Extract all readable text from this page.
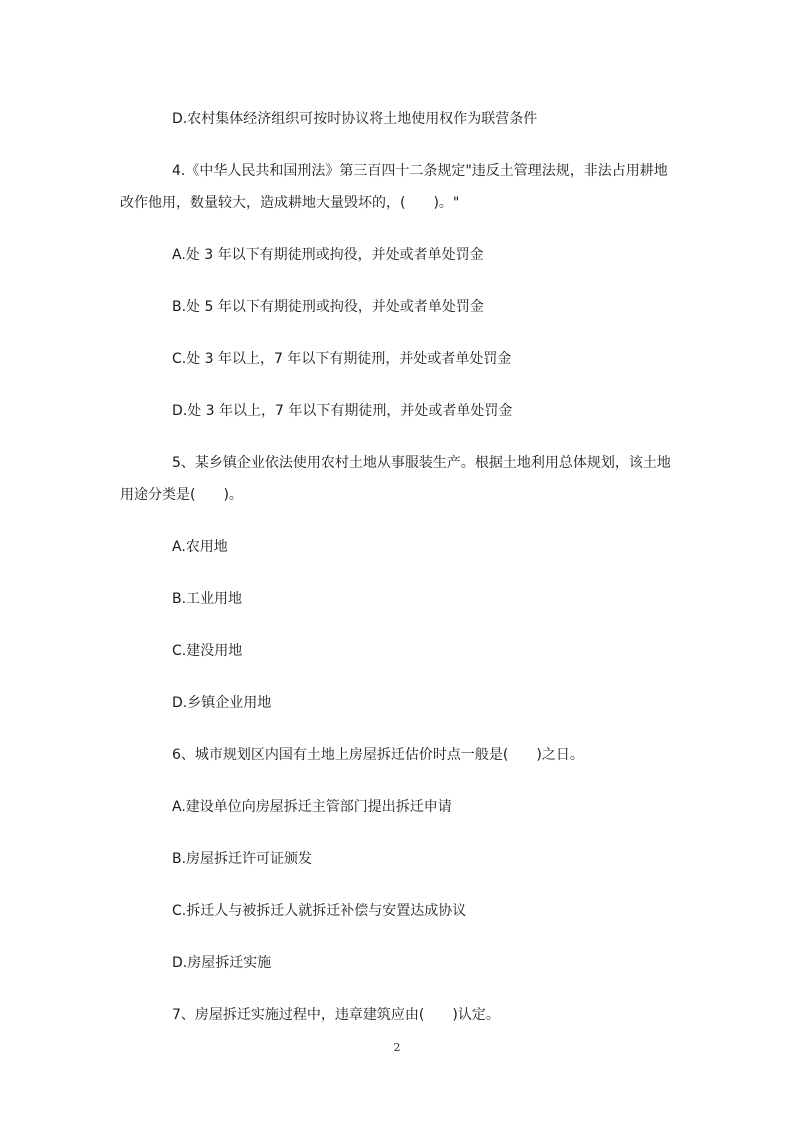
D.农村集体经济组织可按时协议将土地使用权作为联营条件
4.《中华人民共和国刑法》第三百四十二条规定"违反土管理法规，非法占用耕地
改作他用，数量较大，造成耕地大量毁坏的，(　　)。"
A.处 3 年以下有期徒刑或拘役，并处或者单处罚金
B.处 5 年以下有期徒刑或拘役，并处或者单处罚金
C.处 3 年以上，7 年以下有期徒刑，并处或者单处罚金
D.处 3 年以上，7 年以下有期徒刑，并处或者单处罚金
5、某乡镇企业依法使用农村土地从事服装生产。根据土地利用总体规划，该土地
用途分类是(　　)。
A.农用地
B.工业用地
C.建没用地
D.乡镇企业用地
6、城市规划区内国有土地上房屋拆迁估价时点一般是(　　)之日。
A.建设单位向房屋拆迁主管部门提出拆迁申请
B.房屋拆迁许可证颁发
C.拆迁人与被拆迁人就拆迁补偿与安置达成协议
D.房屋拆迁实施
7、房屋拆迁实施过程中，违章建筑应由(　　)认定。
2
